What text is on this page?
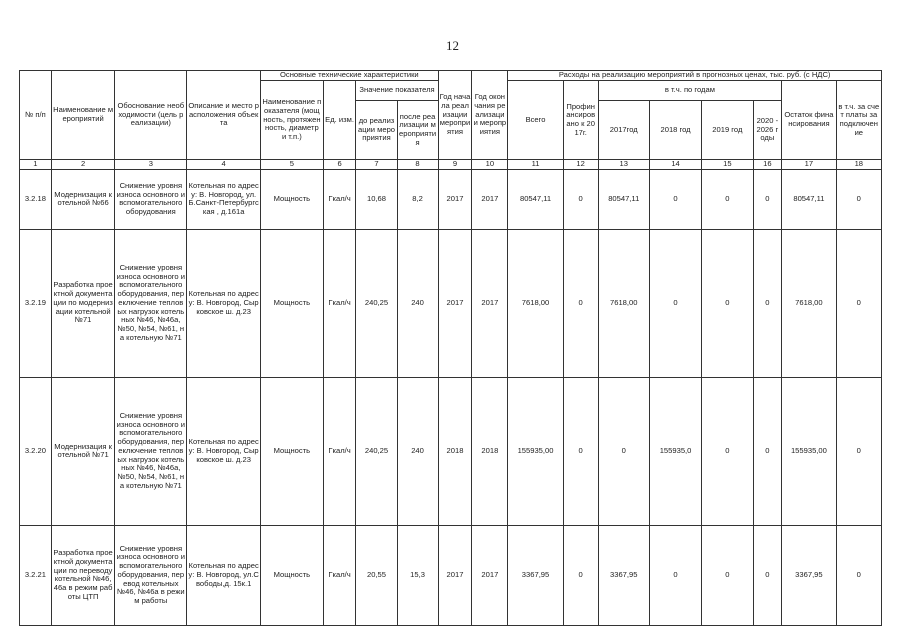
12
№ п/п	Наименование мероприятий	Обоснование необходимости (цель реализации)	Описание и место расположения объекта	Основные технические характеристики				Год начала реализации мероприятия	Год окончания реализации мероприятия	Расходы на реализацию мероприятий в прогнозных ценах, тыс. руб. (с НДС)							
				Наименование показателя (мощность, протяженность, диаметр и т.п.)	Ед. изм.	Значение показателя				Всего	Профинансировано к 2017г.	в т.ч. по годам				Остаток финансирования	в т.ч. за счет платы за подключение
						до реализации мероприятия	после реализации мероприятия					2017год	2018 год	2019 год	2020 - 2026 годы		
1	2	3	4	5	6	7	8	9	10	11	12	13	14	15	16	17	18
3.2.18	Модернизация котельной №66	Снижение уровня износа основного и вспомогательного оборудования	Котельная по адресу: В. Новгород, ул.Б.Санкт-Петербургская , д.161а	Мощность	Гкал/ч	10,68	8,2	2017	2017	80547,11	0	80547,11	0	0	0	80547,11	0
3.2.19	Разработка проектной документации по модернизации котельной №71	Снижение уровня износа основного и вспомогательного оборудования, переключение тепловых нагрузок котельных №46, №46а, №50, №54, №61, на котельную №71	Котельная по адресу: В. Новгород, Сырковское ш. д.23	Мощность	Гкал/ч	240,25	240	2017	2017	7618,00	0	7618,00	0	0	0	7618,00	0
3.2.20	Модернизация котельной №71	Снижение уровня износа основного и вспомогательного оборудования, переключение тепловых нагрузок котельных №46, №46а, №50, №54, №61, на котельную №71	Котельная по адресу: В. Новгород, Сырковское ш. д.23	Мощность	Гкал/ч	240,25	240	2018	2018	155935,00	0	0	155935,0	0	0	155935,00	0
3.2.21	Разработка проектной документации по переводу котельной №46,46а в режим работы ЦТП	Снижение уровня износа основного и вспомогательного оборудования, перевод котельных №46, №46а в режим работы	Котельная по адресу: В. Новгород, ул.Свободы,д. 15к.1	Мощность	Гкал/ч	20,55	15,3	2017	2017	3367,95	0	3367,95	0	0	0	3367,95	0
